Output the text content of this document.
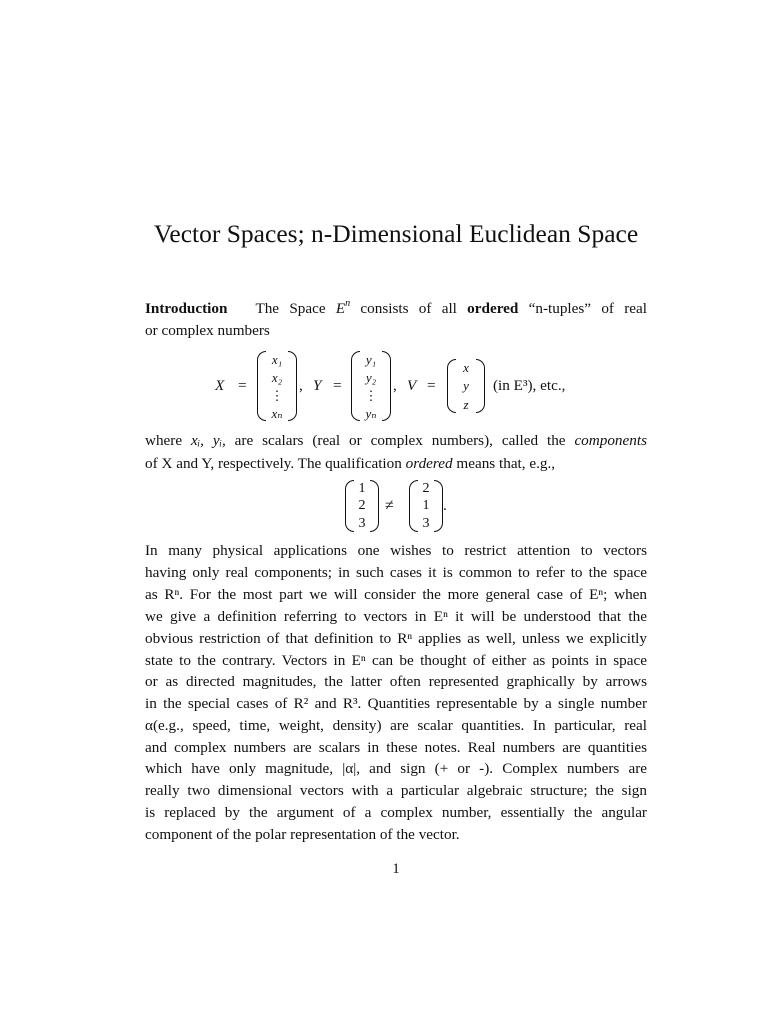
Vector Spaces; n-Dimensional Euclidean Space
Introduction The Space $E^n$ consists of all ordered “n-tuples” of real
or complex numbers
X =
x₁
x₂
⋮
xₙ
, Y =
y₁
y₂
⋮
yₙ
, V =
x
y
z
(in E³), etc.,
where xᵢ, yᵢ, are scalars (real or complex numbers), called the components
of X and Y, respectively. The qualification ordered means that, e.g.,
1
2
3
≠
2
1
3
.
In many physical applications one wishes to restrict attention to vectors
having only real components; in such cases it is common to refer to the space
as Rⁿ. For the most part we will consider the more general case of Eⁿ; when
we give a definition referring to vectors in Eⁿ it will be understood that the
obvious restriction of that definition to Rⁿ applies as well, unless we explicitly
state to the contrary. Vectors in Eⁿ can be thought of either as points in space
or as directed magnitudes, the latter often represented graphically by arrows
in the special cases of R² and R³. Quantities representable by a single number
α(e.g., speed, time, weight, density) are scalar quantities. In particular, real
and complex numbers are scalars in these notes. Real numbers are quantities
which have only magnitude, |α|, and sign (+ or -). Complex numbers are
really two dimensional vectors with a particular algebraic structure; the sign
is replaced by the argument of a complex number, essentially the angular
component of the polar representation of the vector.
1
